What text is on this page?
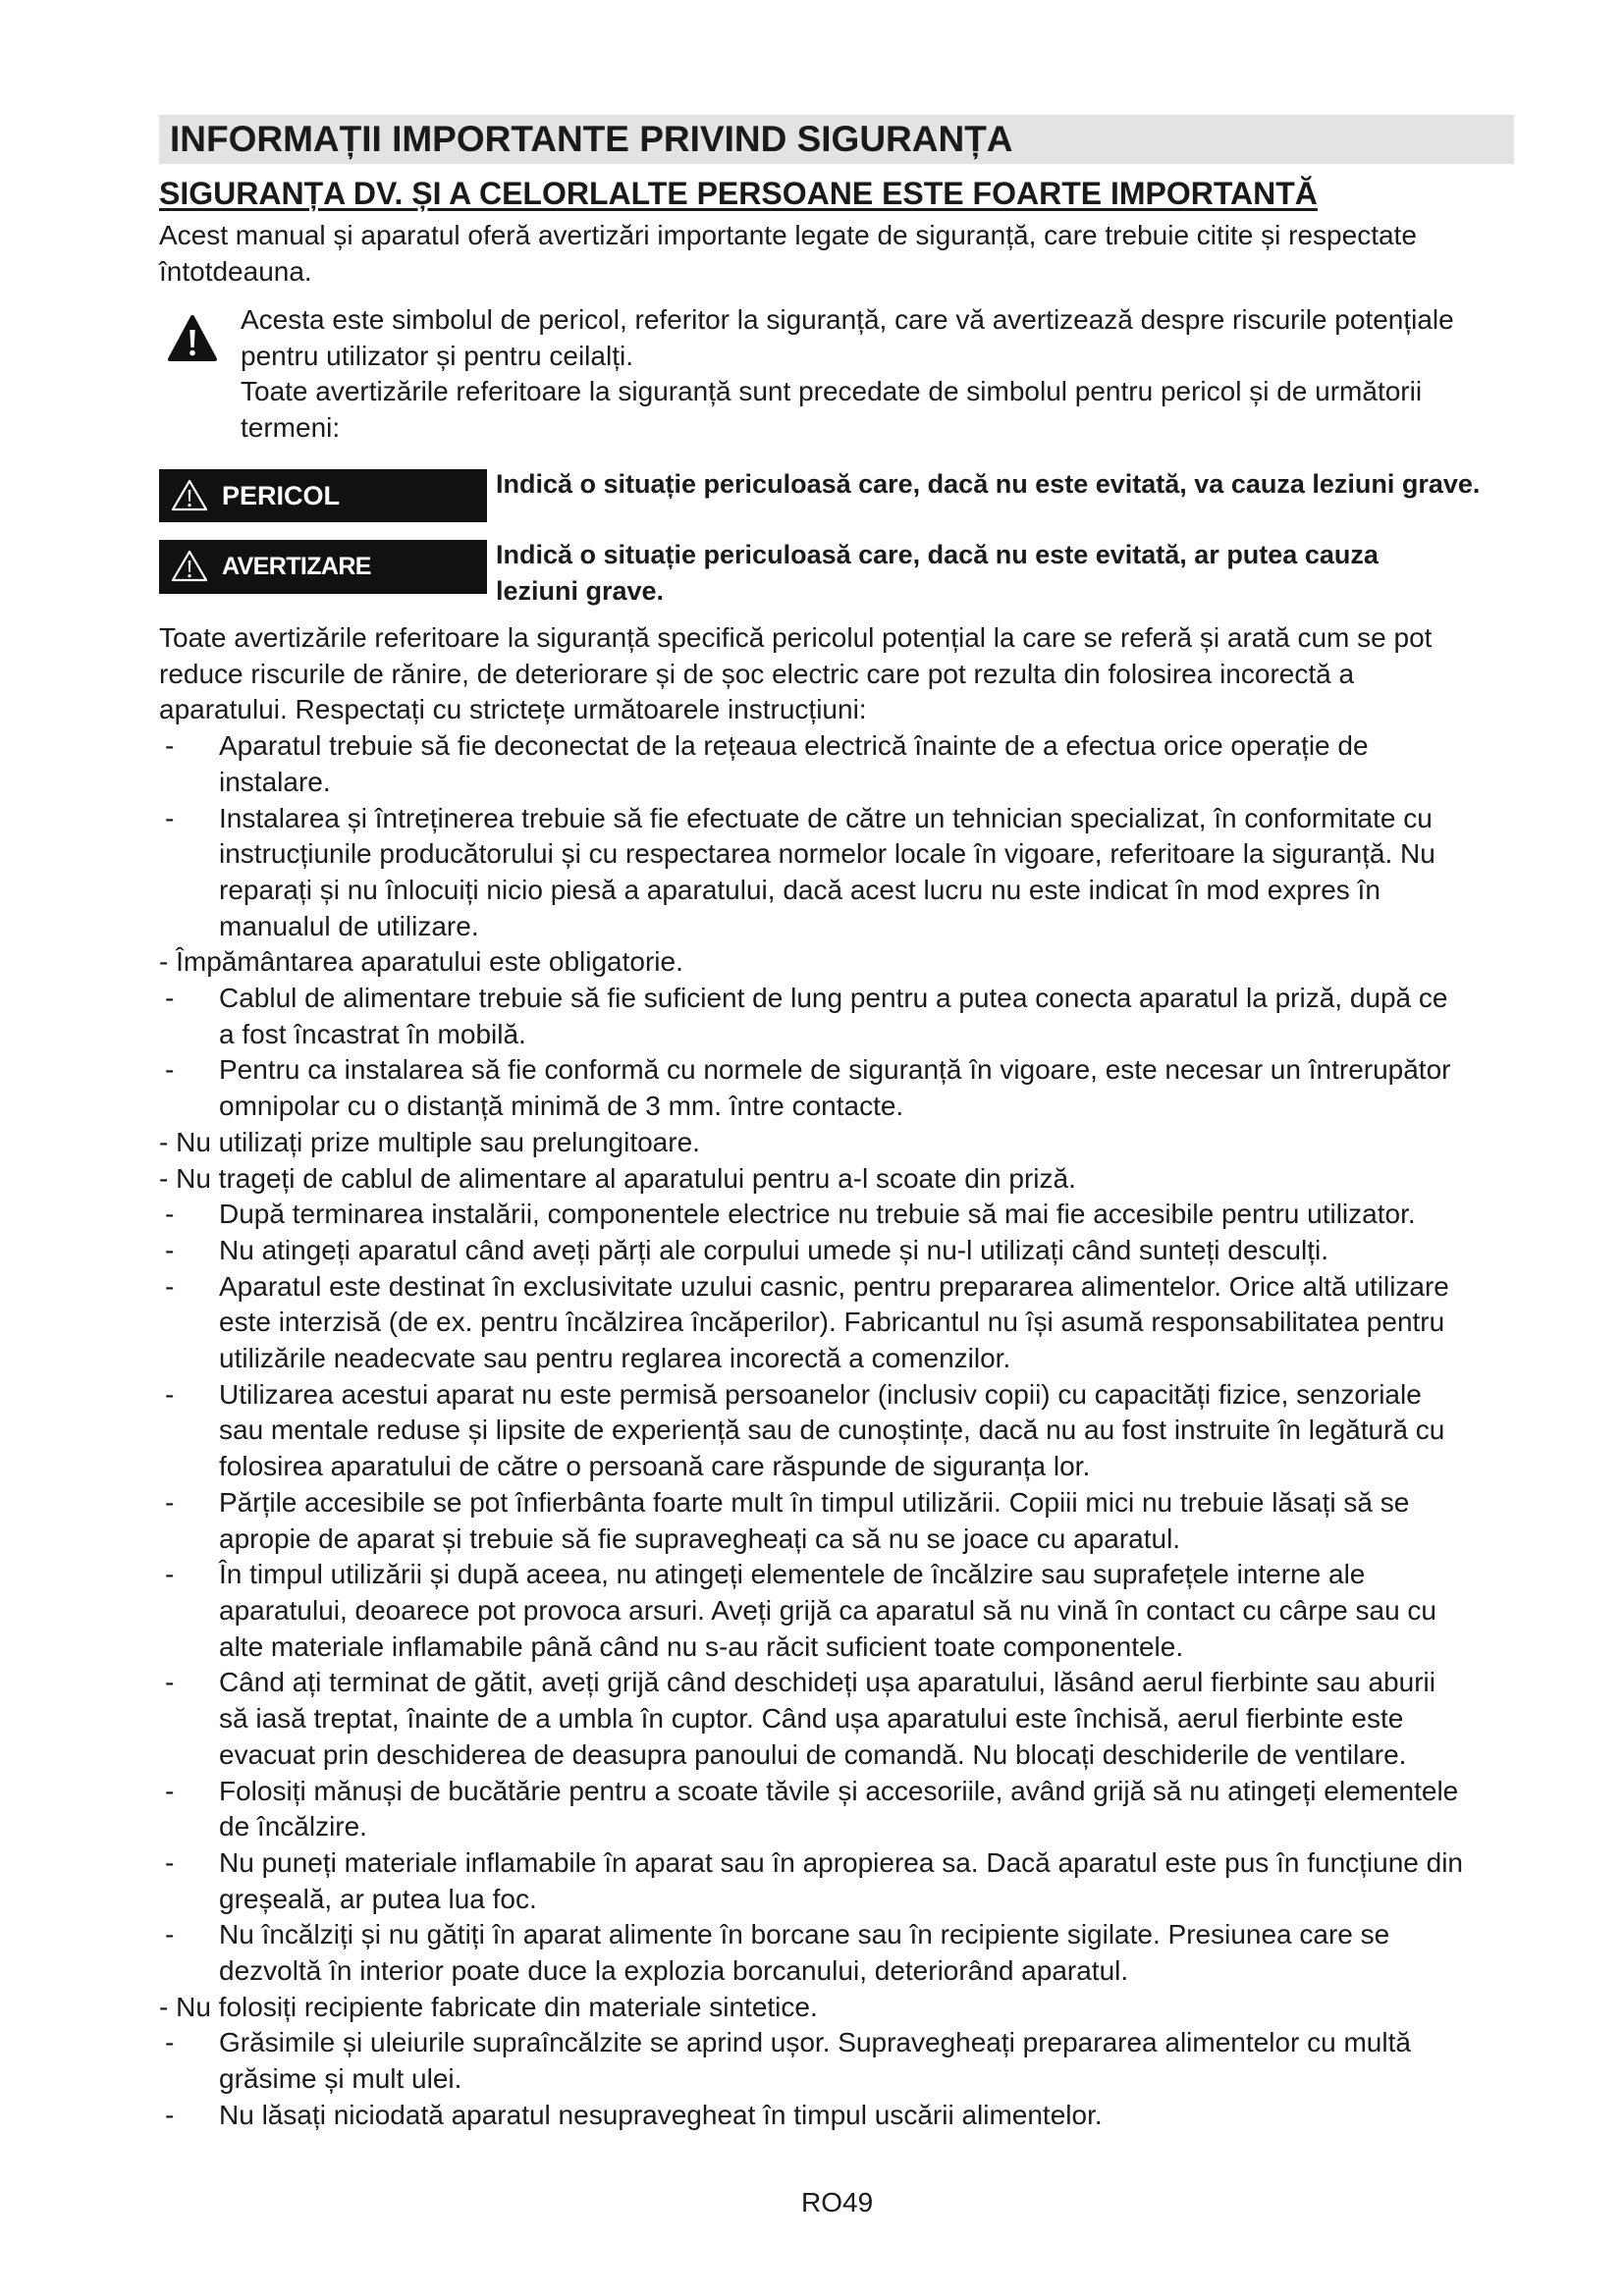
INFORMAȚII IMPORTANTE PRIVIND SIGURANȚA
SIGURANȚA DV. ȘI A CELORLALTE PERSOANE ESTE FOARTE IMPORTANTĂ
Acest manual și aparatul oferă avertizări importante legate de siguranță, care trebuie citite și respectate
întotdeauna.
Acesta este simbolul de pericol, referitor la siguranță, care vă avertizează despre riscurile potențiale
pentru utilizator și pentru ceilalți.
Toate avertizările referitoare la siguranță sunt precedate de simbolul pentru pericol și de următorii
termeni:
PERICOL	Indică o situație periculoasă care, dacă nu este evitată, va cauza leziuni grave.
AVERTIZARE	Indică o situație periculoasă care, dacă nu este evitată, ar putea cauza
leziuni grave.
Toate avertizările referitoare la siguranță specifică pericolul potențial la care se referă și arată cum se pot
reduce riscurile de rănire, de deteriorare și de șoc electric care pot rezulta din folosirea incorectă a
aparatului. Respectați cu strictețe următoarele instrucțiuni:
- Aparatul trebuie să fie deconectat de la rețeaua electrică înainte de a efectua orice operație de
instalare.
- Instalarea și întreținerea trebuie să fie efectuate de către un tehnician specializat, în conformitate cu
instrucțiunile producătorului și cu respectarea normelor locale în vigoare, referitoare la siguranță. Nu
reparați și nu înlocuiți nicio piesă a aparatului, dacă acest lucru nu este indicat în mod expres în
manualul de utilizare.
- Împământarea aparatului este obligatorie.
- Cablul de alimentare trebuie să fie suficient de lung pentru a putea conecta aparatul la priză, după ce
a fost încastrat în mobilă.
- Pentru ca instalarea să fie conformă cu normele de siguranță în vigoare, este necesar un întrerupător
omnipolar cu o distanță minimă de 3 mm. între contacte.
- Nu utilizați prize multiple sau prelungitoare.
- Nu trageți de cablul de alimentare al aparatului pentru a-l scoate din priză.
- După terminarea instalării, componentele electrice nu trebuie să mai fie accesibile pentru utilizator.
- Nu atingeți aparatul când aveți părți ale corpului umede și nu-l utilizați când sunteți desculți.
- Aparatul este destinat în exclusivitate uzului casnic, pentru prepararea alimentelor. Orice altă utilizare
este interzisă (de ex. pentru încălzirea încăperilor). Fabricantul nu își asumă responsabilitatea pentru
utilizările neadecvate sau pentru reglarea incorectă a comenzilor.
- Utilizarea acestui aparat nu este permisă persoanelor (inclusiv copii) cu capacități fizice, senzoriale
sau mentale reduse și lipsite de experiență sau de cunoștințe, dacă nu au fost instruite în legătură cu
folosirea aparatului de către o persoană care răspunde de siguranța lor.
- Părțile accesibile se pot înfierbânta foarte mult în timpul utilizării. Copiii mici nu trebuie lăsați să se
apropie de aparat și trebuie să fie supravegheați ca să nu se joace cu aparatul.
- În timpul utilizării și după aceea, nu atingeți elementele de încălzire sau suprafețele interne ale
aparatului, deoarece pot provoca arsuri. Aveți grijă ca aparatul să nu vină în contact cu cârpe sau cu
alte materiale inflamabile până când nu s-au răcit suficient toate componentele.
- Când ați terminat de gătit, aveți grijă când deschideți ușa aparatului, lăsând aerul fierbinte sau aburii
să iasă treptat, înainte de a umbla în cuptor. Când ușa aparatului este închisă, aerul fierbinte este
evacuat prin deschiderea de deasupra panoului de comandă. Nu blocați deschiderile de ventilare.
- Folosiți mănuși de bucătărie pentru a scoate tăvile și accesoriile, având grijă să nu atingeți elementele
de încălzire.
- Nu puneți materiale inflamabile în aparat sau în apropierea sa. Dacă aparatul este pus în funcțiune din
greșeală, ar putea lua foc.
- Nu încălziți și nu gătiți în aparat alimente în borcane sau în recipiente sigilate. Presiunea care se
dezvoltă în interior poate duce la explozia borcanului, deteriorând aparatul.
- Nu folosiți recipiente fabricate din materiale sintetice.
- Grăsimile și uleiurile supraîncălzite se aprind ușor. Supravegheați prepararea alimentelor cu multă
grăsime și mult ulei.
- Nu lăsați niciodată aparatul nesupravegheat în timpul uscării alimentelor.
RO49
